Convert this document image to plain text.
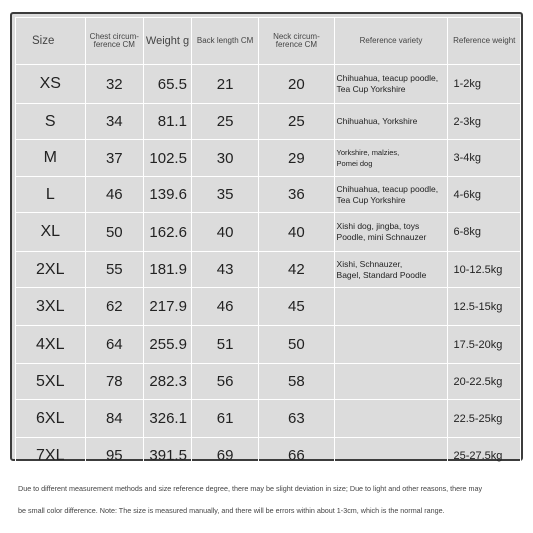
Size	Chest circum-
ference CM	Weight g	Back length CM	Neck circum-
ference CM	Reference variety	Reference weight
XS	32	65.5	21	20	Chihuahua, teacup poodle,
Tea Cup Yorkshire	1-2kg
S	34	81.1	25	25	Chihuahua, Yorkshire	2-3kg
M	37	102.5	30	29	Yorkshire, malzies,
Pomei dog	3-4kg
L	46	139.6	35	36	Chihuahua, teacup poodle,
Tea Cup Yorkshire	4-6kg
XL	50	162.6	40	40	Xishi dog, jingba, toys
Poodle, mini Schnauzer	6-8kg
2XL	55	181.9	43	42	Xishi, Schnauzer,
Bagel, Standard Poodle	10-12.5kg
3XL	62	217.9	46	45		12.5-15kg
4XL	64	255.9	51	50		17.5-20kg
5XL	78	282.3	56	58		20-22.5kg
6XL	84	326.1	61	63		22.5-25kg
7XL	95	391.5	69	66		25-27.5kg

Due to different measurement methods and size reference degree, there may be slight deviation in size; Due to light and other reasons, there may

be small color difference. Note: The size is measured manually, and there will be errors within about 1-3cm, which is the normal range.
